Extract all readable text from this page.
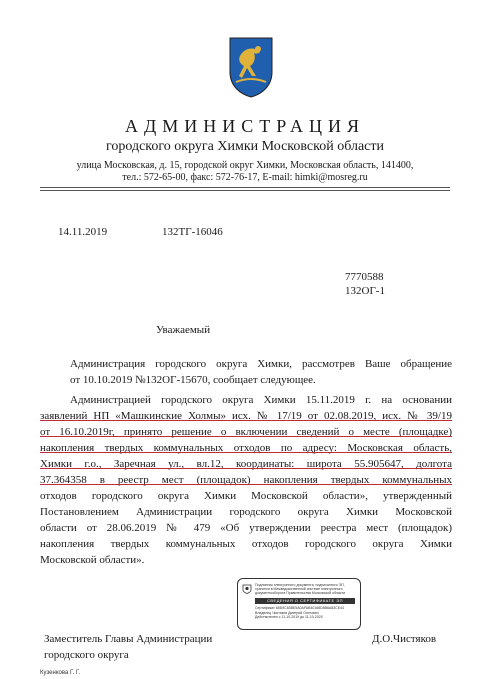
АДМИНИСТРАЦИЯ
городского округа Химки Московской области
улица Московская, д. 15, городской округ Химки, Московская область, 141400,
тел.: 572-65-00, факс: 572-76-17, E-mail: himki@mosreg.ru
14.11.2019	132ТГ-16046
7770588
132ОГ-1
Уважаемый
Администрация городского округа Химки, рассмотрев Ваше обращение
от 10.10.2019 №132ОГ-15670, сообщает следующее.
Администрацией городского округа Химки 15.11.2019 г. на основании
заявлений НП «Машкинские Холмы» исх. № 17/19 от 02.08.2019, исх. № 39/19
от 16.10.2019г, принято решение о включении сведений о месте (площадке)
накопления твердых коммунальных отходов по адресу: Московская область,
Химки г.о., Заречная ул., вл.12, координаты: широта 55.905647, долгота
37.364358 в реестр мест (площадок) накопления твердых коммунальных
отходов городского округа Химки Московской области», утвержденный
Постановлением Администрации городского округа Химки Московской
области от 28.06.2019 № 479 «Об утверждении реестра мест (площадок)
накопления твердых коммунальных отходов городского округа Химки
Московской области».
Подлинник электронного документа, подписанного ЭП, хранится в Межведомственной системе электронного документооборота Правительства Московской области
СВЕДЕНИЯ О СЕРТИФИКАТЕ ЭП
Сертификат 68D9C83BE5A0AFAB40168D8B6A83CE44
Владелец Чистяков Дмитрий Олегович
Действителен с 11-10-2019 до 11-10-2020
Заместитель Главы Администрации
городского округа
Д.О.Чистяков
Кузенкова Г. Г.
